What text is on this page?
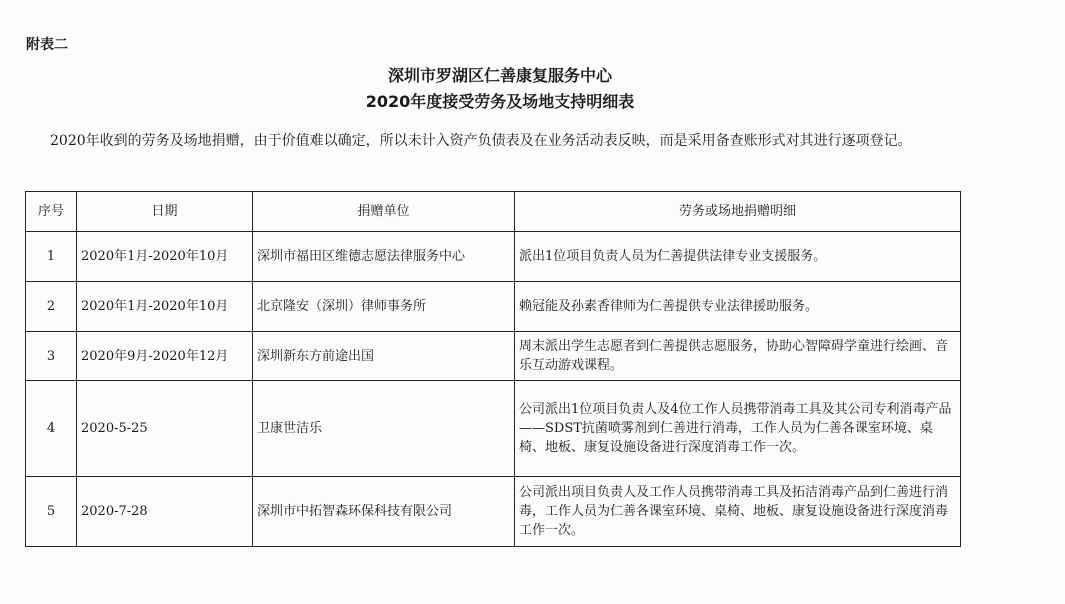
附表二
深圳市罗湖区仁善康复服务中心
2020年度接受劳务及场地支持明细表
2020年收到的劳务及场地捐赠，由于价值难以确定，所以未计入资产负债表及在业务活动表反映，而是采用备查账形式对其进行逐项登记。
序号	日期	捐赠单位	劳务或场地捐赠明细
1	2020年1月-2020年10月	深圳市福田区维德志愿法律服务中心	派出1位项目负责人员为仁善提供法律专业支援服务。
2	2020年1月-2020年10月	北京隆安（深圳）律师事务所	赖冠能及孙素香律师为仁善提供专业法律援助服务。
3	2020年9月-2020年12月	深圳新东方前途出国	周末派出学生志愿者到仁善提供志愿服务，协助心智障碍学童进行绘画、音乐互动游戏课程。
4	2020-5-25	卫康世洁乐	公司派出1位项目负责人及4位工作人员携带消毒工具及其公司专利消毒产品——SDST抗菌喷雾剂到仁善进行消毒，工作人员为仁善各课室环境、桌椅、地板、康复设施设备进行深度消毒工作一次。
5	2020-7-28	深圳市中拓智森环保科技有限公司	公司派出项目负责人及工作人员携带消毒工具及拓洁消毒产品到仁善进行消毒，工作人员为仁善各课室环境、桌椅、地板、康复设施设备进行深度消毒工作一次。
